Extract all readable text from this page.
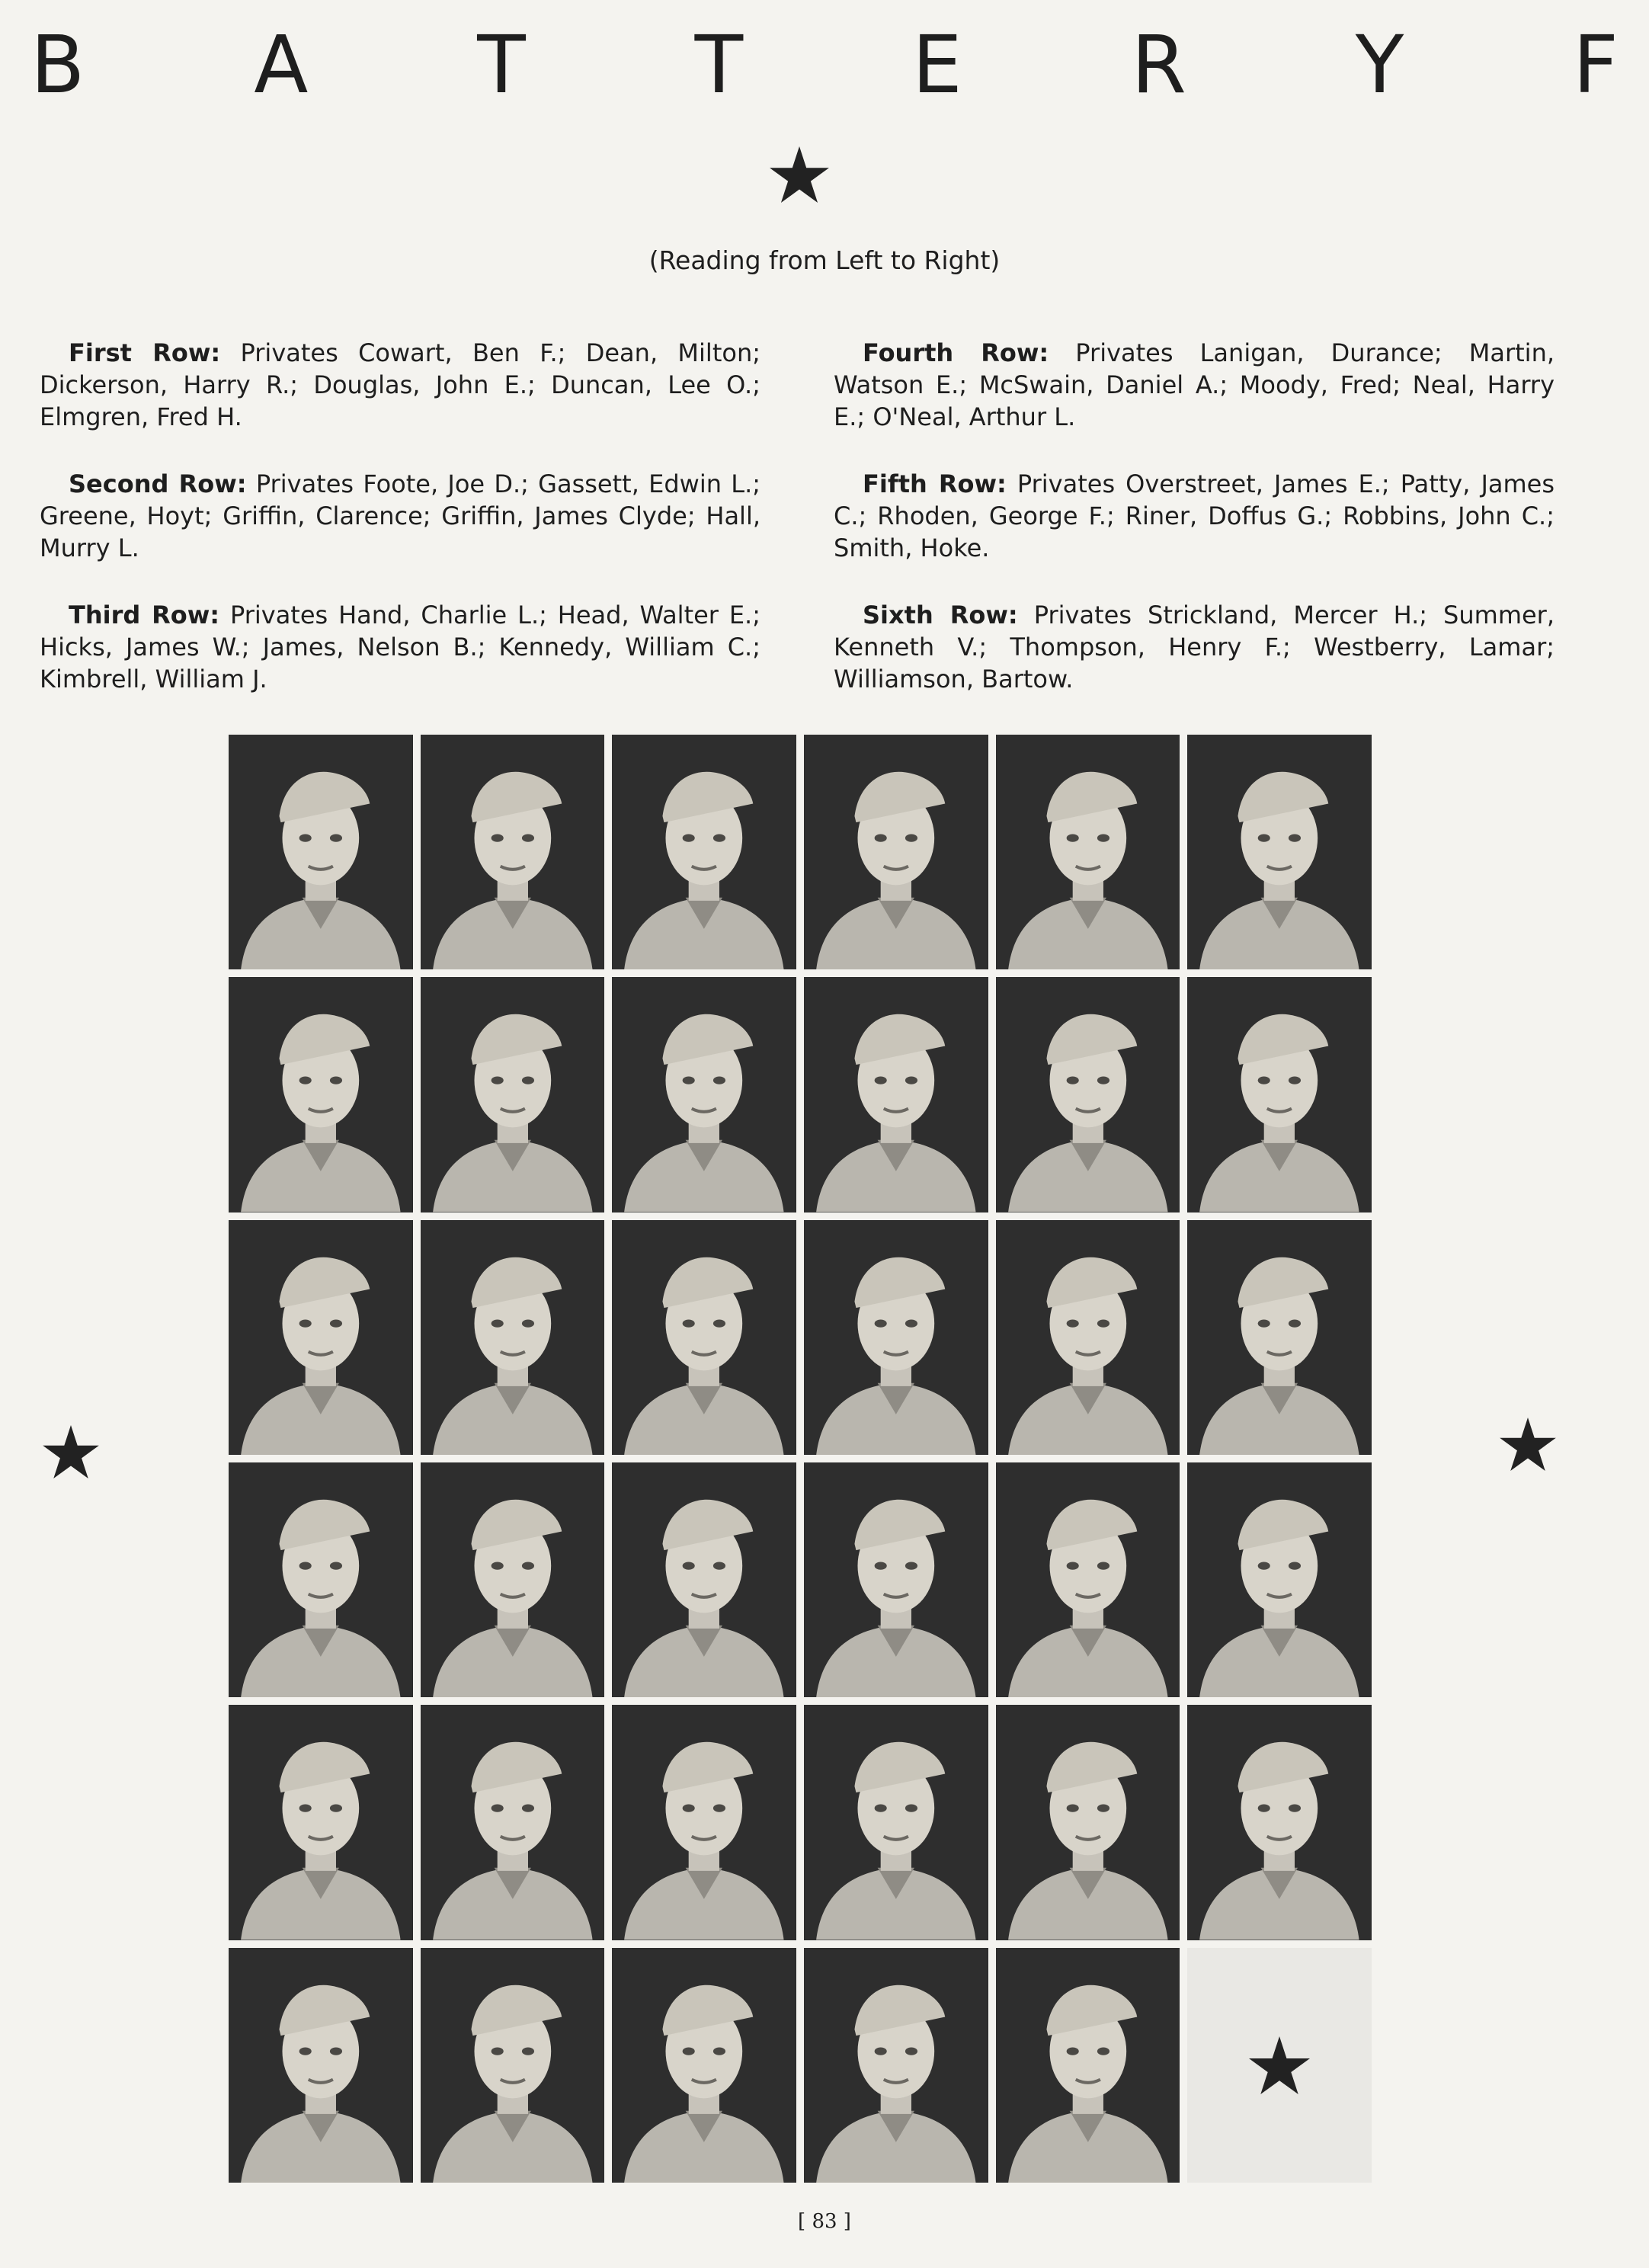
B A T T E R Y F
(Reading from Left to Right)

First Row: Privates Cowart, Ben F.; Dean, Milton; Dickerson, Harry R.; Douglas, John E.; Duncan, Lee O.; Elmgren, Fred H.

Second Row: Privates Foote, Joe D.; Gassett, Edwin L.; Greene, Hoyt; Griffin, Clarence; Griffin, James Clyde; Hall, Murry L.

Third Row: Privates Hand, Charlie L.; Head, Walter E.; Hicks, James W.; James, Nelson B.; Kennedy, William C.; Kimbrell, William J.

Fourth Row: Privates Lanigan, Durance; Martin, Watson E.; McSwain, Daniel A.; Moody, Fred; Neal, Harry E.; O'Neal, Arthur L.

Fifth Row: Privates Overstreet, James E.; Patty, James C.; Rhoden, George F.; Riner, Doffus G.; Robbins, John C.; Smith, Hoke.

Sixth Row: Privates Strickland, Mercer H.; Summer, Kenneth V.; Thompson, Henry F.; Westberry, Lamar; Williamson, Bartow.

[ 83 ]
